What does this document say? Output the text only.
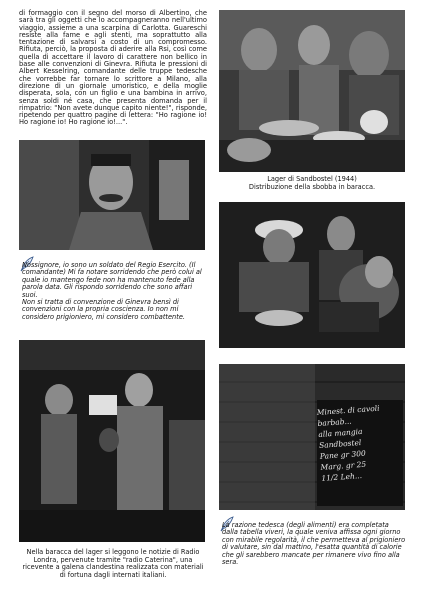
di formaggio con il segno del morso di Albertino, che sarà tra gli oggetti che lo accompagneranno nell'ultimo viaggio, assieme a una scarpina di Carlotta. Guareschi resiste alla fame e agli stenti, ma soprattutto alla tentazione di salvarsi a costo di un compromesso. Rifiuta, perciò, la proposta di aderire alla Rsi, così come quella di accettare il lavoro di carattere non bellico in base alle convenzioni di Ginevra. Rifiuta le pressioni di Albert Kesselring, comandante delle truppe tedesche che vorrebbe far tornare lo scrittore a Milano, alla direzione di un giornale umoristico, e della moglie disperata, sola, con un figlio e una bambina in arrivo, senza soldi né casa, che presenta domanda per il rimpatrio: "Non avete dunque capito niente!", risponde, ripetendo per quattro pagine di lettera: "Ho ragione io! Ho ragione io! Ho ragione io!...".

Lager di Sandbostel (1944)

Distribuzione della sbobba in baracca.

Nossignore, io sono un soldato del Regio Esercito. (Il comandante) Mi fa notare sorridendo che però colui al quale io mantengo fede non ha mantenuto fede alla parola data. Gli rispondo sorridendo che sono affari suoi.

Non si tratta di convenzione di Ginevra bensì di convenzioni con la propria coscienza. Io non mi considero prigioniero, mi considero combattente.

Nella baracca del lager si leggono le notizie di Radio Londra, pervenute tramite "radio Caterina", una ricevente a galena clandestina realizzata con materiali di fortuna dagli internati italiani.

Minest. di cavoli
barbab...
alla mangia Sandbostel
Pane gr 300
Marg. gr 25
11/2 Leh...

La razione tedesca (degli alimenti) era completata dalla tabella viveri, la quale veniva affissa ogni giorno con mirabile regolarità, il che permetteva al prigioniero di valutare, sin dal mattino, l'esatta quantità di calorie che gli sarebbero mancate per rimanere vivo fino alla sera.
